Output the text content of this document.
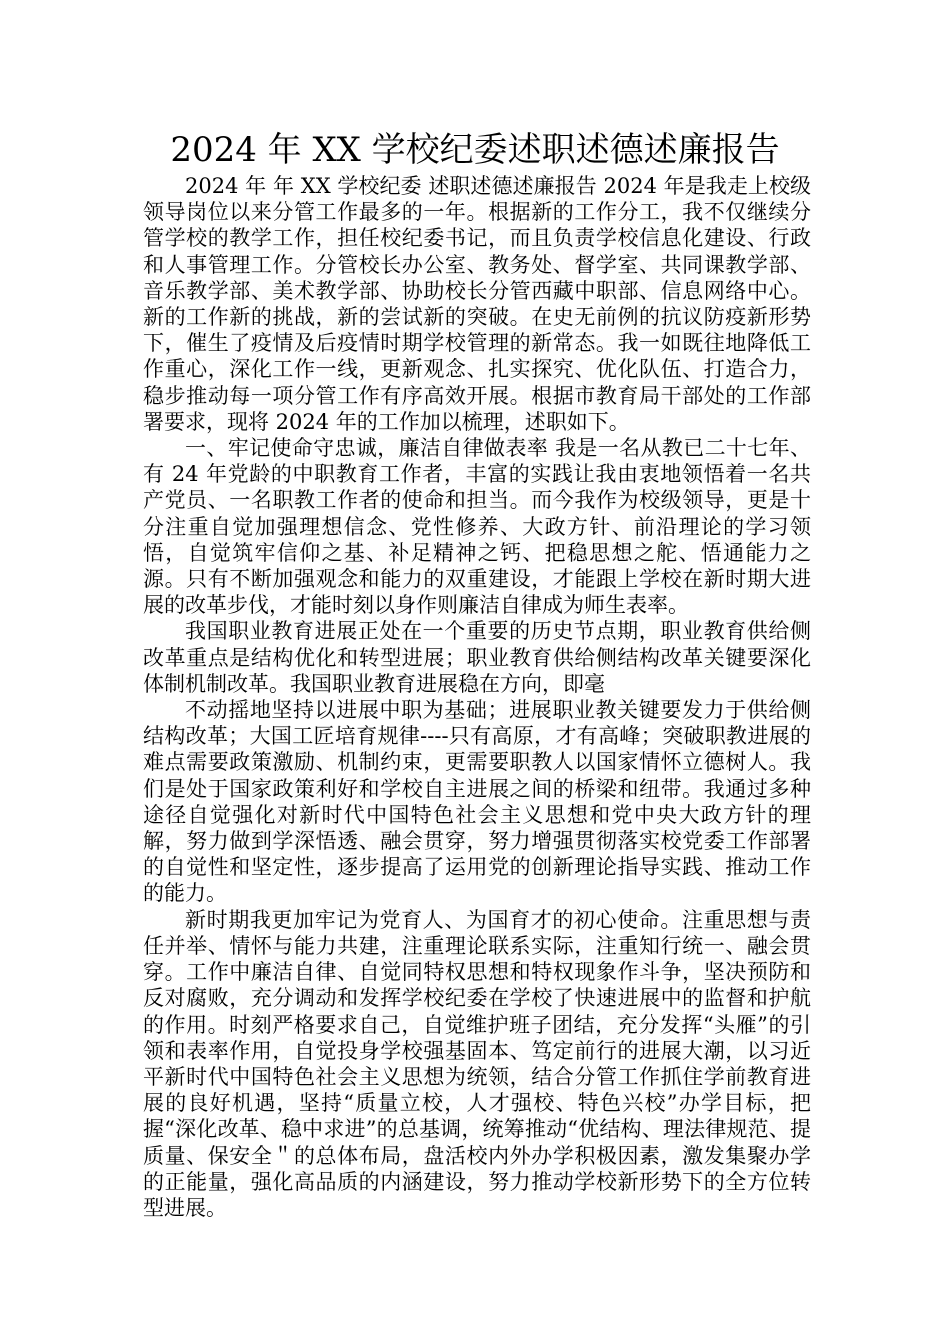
2024 年 XX 学校纪委述职述德述廉报告

2024 年 年 XX 学校纪委 述职述德述廉报告 2024 年是我走上校级领导岗位以来分管工作最多的一年。根据新的工作分工，我不仅继续分管学校的教学工作，担任校纪委书记，而且负责学校信息化建设、行政和人事管理工作。分管校长办公室、教务处、督学室、共同课教学部、音乐教学部、美术教学部、协助校长分管西藏中职部、信息网络中心。新的工作新的挑战，新的尝试新的突破。在史无前例的抗议防疫新形势下，催生了疫情及后疫情时期学校管理的新常态。我一如既往地降低工作重心，深化工作一线，更新观念、扎实探究、优化队伍、打造合力，稳步推动每一项分管工作有序高效开展。根据市教育局干部处的工作部署要求，现将 2024 年的工作加以梳理，述职如下。

一、牢记使命守忠诚，廉洁自律做表率 我是一名从教已二十七年、有 24 年党龄的中职教育工作者，丰富的实践让我由衷地领悟着一名共产党员、一名职教工作者的使命和担当。而今我作为校级领导，更是十分注重自觉加强理想信念、党性修养、大政方针、前沿理论的学习领悟，自觉筑牢信仰之基、补足精神之钙、把稳思想之舵、悟通能力之源。只有不断加强观念和能力的双重建设，才能跟上学校在新时期大进展的改革步伐，才能时刻以身作则廉洁自律成为师生表率。

我国职业教育进展正处在一个重要的历史节点期，职业教育供给侧改革重点是结构优化和转型进展；职业教育供给侧结构改革关键要深化体制机制改革。我国职业教育进展稳在方向，即毫

不动摇地坚持以进展中职为基础；进展职业教关键要发力于供给侧结构改革；大国工匠培育规律----只有高原，才有高峰；突破职教进展的难点需要政策激励、机制约束，更需要职教人以国家情怀立德树人。我们是处于国家政策利好和学校自主进展之间的桥梁和纽带。我通过多种途径自觉强化对新时代中国特色社会主义思想和党中央大政方针的理解，努力做到学深悟透、融会贯穿，努力增强贯彻落实校党委工作部署的自觉性和坚定性，逐步提高了运用党的创新理论指导实践、推动工作的能力。

新时期我更加牢记为党育人、为国育才的初心使命。注重思想与责任并举、情怀与能力共建，注重理论联系实际，注重知行统一、融会贯穿。工作中廉洁自律、自觉同特权思想和特权现象作斗争，坚决预防和反对腐败，充分调动和发挥学校纪委在学校了快速进展中的监督和护航的作用。时刻严格要求自己，自觉维护班子团结，充分发挥“头雁”的引领和表率作用，自觉投身学校强基固本、笃定前行的进展大潮，以习近平新时代中国特色社会主义思想为统领，结合分管工作抓住学前教育进展的良好机遇，坚持“质量立校，人才强校、特色兴校”办学目标，把握“深化改革、稳中求进”的总基调，统筹推动“优结构、理法律规范、提质量、保安全＂的总体布局，盘活校内外办学积极因素，激发集聚办学的正能量，强化高品质的内涵建设，努力推动学校新形势下的全方位转型进展。
